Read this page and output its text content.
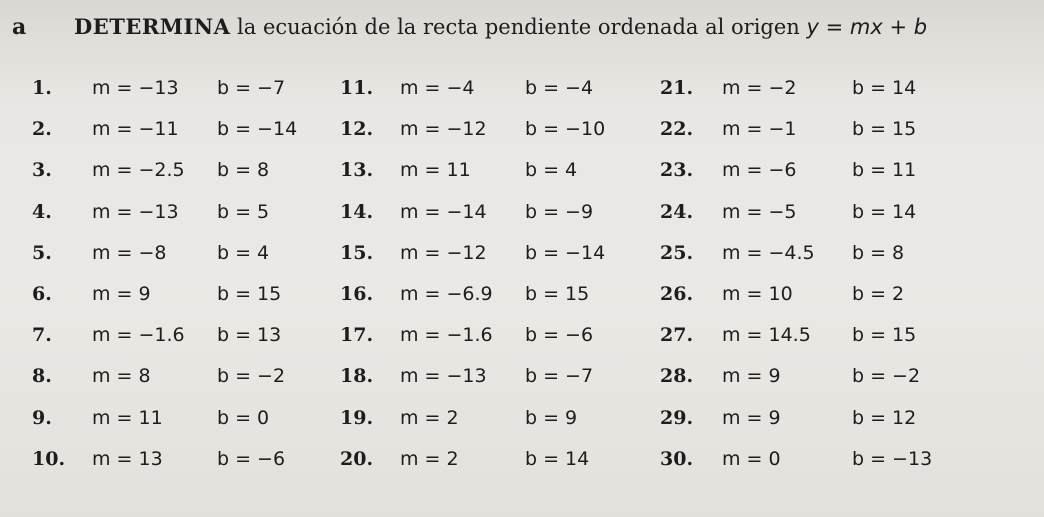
a DETERMINA la ecuación de la recta pendiente ordenada al origen y = mx + b
1. m = −13 b = −7
2. m = −11 b = −14
3. m = −2.5 b = 8
4. m = −13 b = 5
5. m = −8	b = 4
6. m = 9	b = 15
7. m = −1.6 b = 13
8. m = 8	b = −2
9. m = 11	b = 0
10. m = 13	b = −6
11. m = −4	b = −4
12. m = −12 b = −10
13. m = 11	b = 4
14. m = −14 b = −9
15. m = −12 b = −14
16. m = −6.9 b = 15
17. m = −1.6 b = −6
18. m = −13 b = −7
19. m = 2	b = 9
20. m = 2	b = 14
21. m = −2	b = 14
22. m = −1	b = 15
23. m = −6	b = 11
24. m = −5	b = 14
25. m = −4.5 b = 8
26. m = 10	b = 2
27. m = 14.5 b = 15
28. m = 9	b = −2
29. m = 9	b = 12
30. m = 0	b = −13
